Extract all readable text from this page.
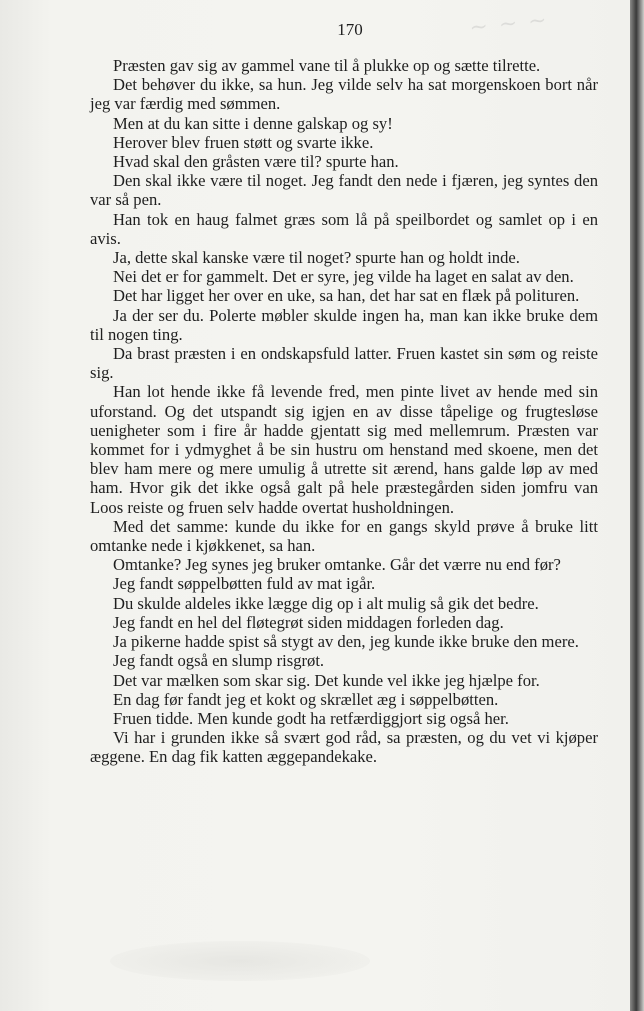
~ ~ ~
170

Præsten gav sig av gammel vane til å plukke op og sætte tilrette.

Det behøver du ikke, sa hun. Jeg vilde selv ha sat morgenskoen bort når jeg var færdig med sømmen.

Men at du kan sitte i denne galskap og sy!

Herover blev fruen støtt og svarte ikke.

Hvad skal den gråsten være til? spurte han.

Den skal ikke være til noget. Jeg fandt den nede i fjæren, jeg syntes den var så pen.

Han tok en haug falmet græs som lå på speilbordet og samlet op i en avis.

Ja, dette skal kanske være til noget? spurte han og holdt inde.

Nei det er for gammelt. Det er syre, jeg vilde ha laget en salat av den.

Det har ligget her over en uke, sa han, det har sat en flæk på polituren.

Ja der ser du. Polerte møbler skulde ingen ha, man kan ikke bruke dem til nogen ting.

Da brast præsten i en ondskapsfuld latter. Fruen kastet sin søm og reiste sig.

Han lot hende ikke få levende fred, men pinte livet av hende med sin uforstand. Og det utspandt sig igjen en av disse tåpelige og frugtesløse uenigheter som i fire år hadde gjentatt sig med mellemrum. Præsten var kommet for i ydmyghet å be sin hustru om henstand med skoene, men det blev ham mere og mere umulig å utrette sit ærend, hans galde løp av med ham. Hvor gik det ikke også galt på hele præstegården siden jomfru van Loos reiste og fruen selv hadde overtat husholdningen.

Med det samme: kunde du ikke for en gangs skyld prøve å bruke litt omtanke nede i kjøkkenet, sa han.

Omtanke? Jeg synes jeg bruker omtanke. Går det værre nu end før?

Jeg fandt søppelbøtten fuld av mat igår.

Du skulde aldeles ikke lægge dig op i alt mulig så gik det bedre.

Jeg fandt en hel del fløtegrøt siden middagen forleden dag.

Ja pikerne hadde spist så stygt av den, jeg kunde ikke bruke den mere.

Jeg fandt også en slump risgrøt.

Det var mælken som skar sig. Det kunde vel ikke jeg hjælpe for.

En dag før fandt jeg et kokt og skrællet æg i søppelbøtten.

Fruen tidde. Men kunde godt ha retfærdiggjort sig også her.

Vi har i grunden ikke så svært god råd, sa præsten, og du vet vi kjøper æggene. En dag fik katten æggepandekake.
